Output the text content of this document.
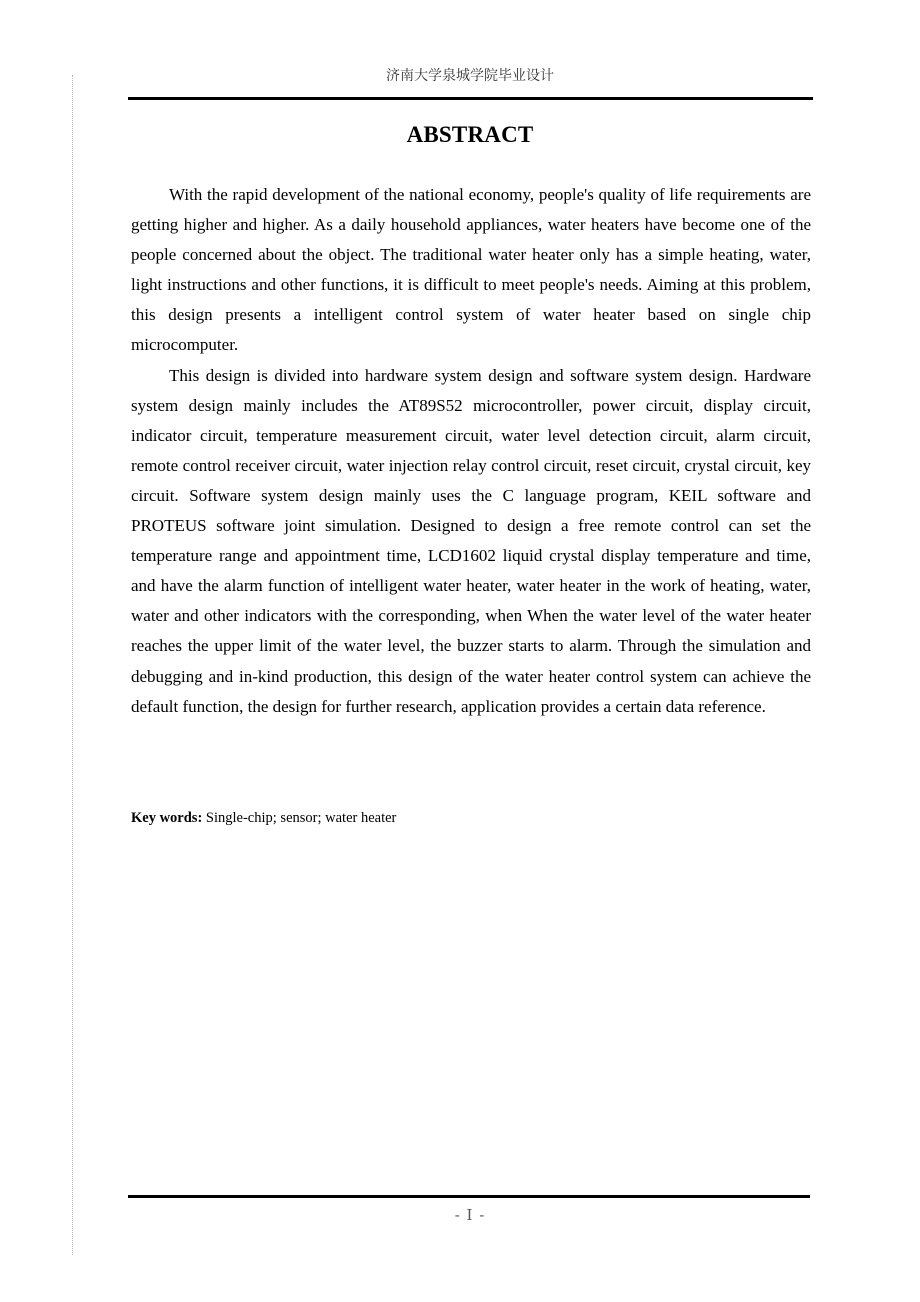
济南大学泉城学院毕业设计
ABSTRACT

With the rapid development of the national economy, people's quality of life requirements are getting higher and higher. As a daily household appliances, water heaters have become one of the people concerned about the object. The traditional water heater only has a simple heating, water, light instructions and other functions, it is difficult to meet people's needs. Aiming at this problem, this design presents a intelligent control system of water heater based on single chip microcomputer.

This design is divided into hardware system design and software system design. Hardware system design mainly includes the AT89S52 microcontroller, power circuit, display circuit, indicator circuit, temperature measurement circuit, water level detection circuit, alarm circuit, remote control receiver circuit, water injection relay control circuit, reset circuit, crystal circuit, key circuit. Software system design mainly uses the C language program, KEIL software and PROTEUS software joint simulation. Designed to design a free remote control can set the temperature range and appointment time, LCD1602 liquid crystal display temperature and time, and have the alarm function of intelligent water heater, water heater in the work of heating, water, water and other indicators with the corresponding, when When the water level of the water heater reaches the upper limit of the water level, the buzzer starts to alarm. Through the simulation and debugging and in-kind production, this design of the water heater control system can achieve the default function, the design for further research, application provides a certain data reference.

Key words: Single-chip; sensor; water heater

- I -
